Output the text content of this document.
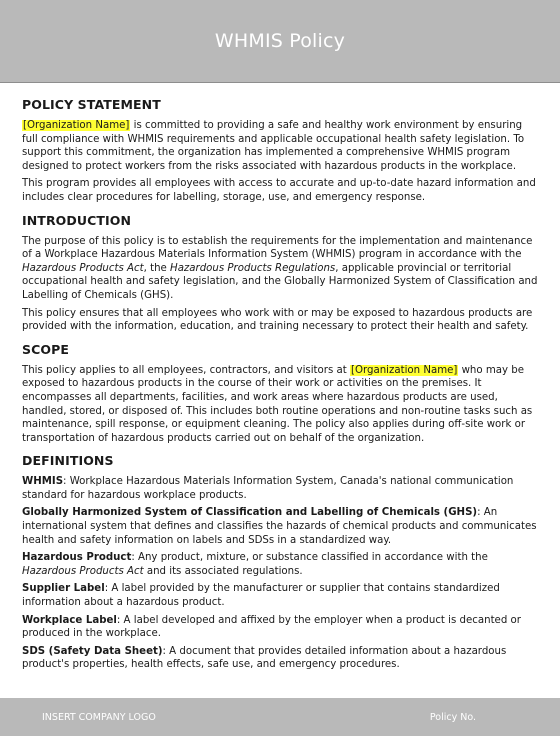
WHMIS Policy
POLICY STATEMENT

[Organization Name] is committed to providing a safe and healthy work environment by ensuring full compliance with WHMIS requirements and applicable occupational health safety legislation. To support this commitment, the organization has implemented a comprehensive WHMIS program designed to protect workers from the risks associated with hazardous products in the workplace.

This program provides all employees with access to accurate and up-to-date hazard information and includes clear procedures for labelling, storage, use, and emergency response.

INTRODUCTION

The purpose of this policy is to establish the requirements for the implementation and maintenance of a Workplace Hazardous Materials Information System (WHMIS) program in accordance with the Hazardous Products Act, the Hazardous Products Regulations, applicable provincial or territorial occupational health and safety legislation, and the Globally Harmonized System of Classification and Labelling of Chemicals (GHS).

This policy ensures that all employees who work with or may be exposed to hazardous products are provided with the information, education, and training necessary to protect their health and safety.

SCOPE

This policy applies to all employees, contractors, and visitors at [Organization Name] who may be exposed to hazardous products in the course of their work or activities on the premises. It encompasses all departments, facilities, and work areas where hazardous products are used, handled, stored, or disposed of. This includes both routine operations and non-routine tasks such as maintenance, spill response, or equipment cleaning. The policy also applies during off-site work or transportation of hazardous products carried out on behalf of the organization.

DEFINITIONS

WHMIS: Workplace Hazardous Materials Information System, Canada's national communication standard for hazardous workplace products.

Globally Harmonized System of Classification and Labelling of Chemicals (GHS): An international system that defines and classifies the hazards of chemical products and communicates health and safety information on labels and SDSs in a standardized way.

Hazardous Product: Any product, mixture, or substance classified in accordance with the Hazardous Products Act and its associated regulations.

Supplier Label: A label provided by the manufacturer or supplier that contains standardized information about a hazardous product.

Workplace Label: A label developed and affixed by the employer when a product is decanted or produced in the workplace.

SDS (Safety Data Sheet): A document that provides detailed information about a hazardous product's properties, health effects, safe use, and emergency procedures.

INSERT COMPANY LOGO	Policy No.
